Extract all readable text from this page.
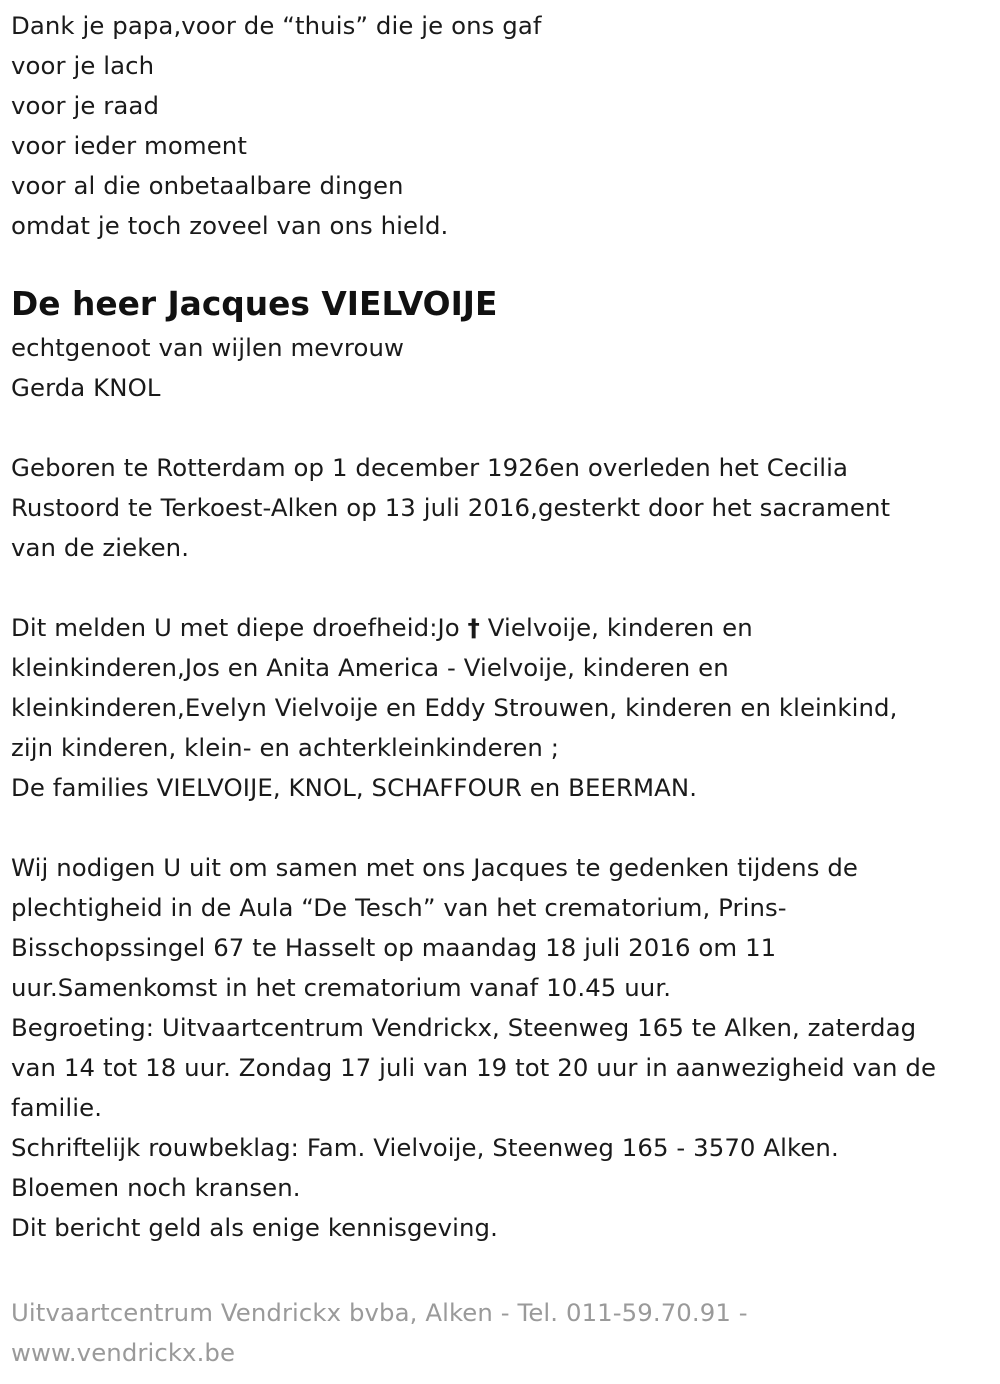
Dank je papa,voor de “thuis” die je ons gaf
voor je lach
voor je raad
voor ieder moment
voor al die onbetaalbare dingen
omdat je toch zoveel van ons hield.
De heer Jacques VIELVOIJE
echtgenoot van wijlen mevrouw
Gerda KNOL
Geboren te Rotterdam op 1 december 1926en overleden het Cecilia
Rustoord te Terkoest-Alken op 13 juli 2016,gesterkt door het sacrament
van de zieken.
Dit melden U met diepe droefheid:Jo † Vielvoije, kinderen en
kleinkinderen,Jos en Anita America - Vielvoije, kinderen en
kleinkinderen,Evelyn Vielvoije en Eddy Strouwen, kinderen en kleinkind,
zijn kinderen, klein- en achterkleinkinderen ;
De families VIELVOIJE, KNOL, SCHAFFOUR en BEERMAN.
Wij nodigen U uit om samen met ons Jacques te gedenken tijdens de
plechtigheid in de Aula “De Tesch” van het crematorium, Prins-
Bisschopssingel 67 te Hasselt op maandag 18 juli 2016 om 11
uur.Samenkomst in het crematorium vanaf 10.45 uur.
Begroeting: Uitvaartcentrum Vendrickx, Steenweg 165 te Alken, zaterdag
van 14 tot 18 uur. Zondag 17 juli van 19 tot 20 uur in aanwezigheid van de
familie.
Schriftelijk rouwbeklag: Fam. Vielvoije, Steenweg 165 - 3570 Alken.
Bloemen noch kransen.
Dit bericht geld als enige kennisgeving.
Uitvaartcentrum Vendrickx bvba, Alken - Tel. 011-59.70.91 -
www.vendrickx.be
